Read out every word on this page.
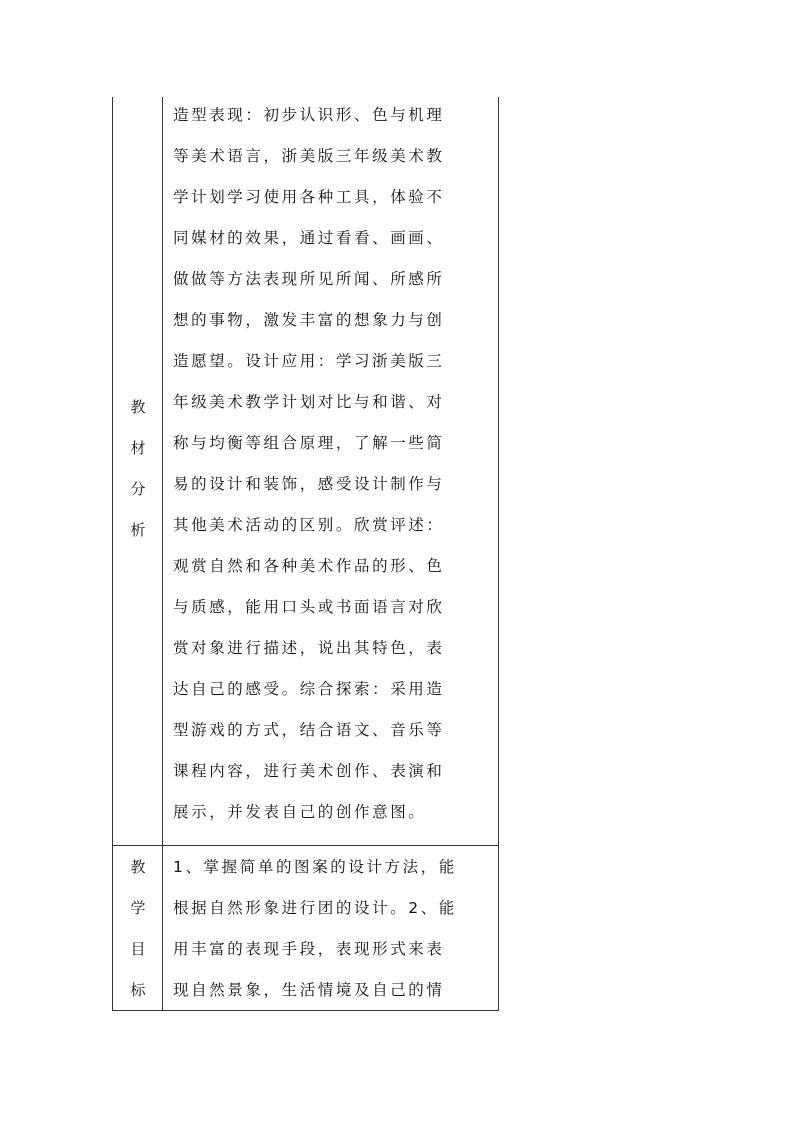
教
材
分
析
造型表现：初步认识形、色与机理
等美术语言，浙美版三年级美术教
学计划学习使用各种工具，体验不
同媒材的效果，通过看看、画画、
做做等方法表现所见所闻、所感所
想的事物，激发丰富的想象力与创
造愿望。设计应用：学习浙美版三
年级美术教学计划对比与和谐、对
称与均衡等组合原理，了解一些简
易的设计和装饰，感受设计制作与
其他美术活动的区别。欣赏评述：
观赏自然和各种美术作品的形、色
与质感，能用口头或书面语言对欣
赏对象进行描述，说出其特色，表
达自己的感受。综合探索：采用造
型游戏的方式，结合语文、音乐等
课程内容，进行美术创作、表演和
展示，并发表自己的创作意图。
教
学
目
标
1、掌握简单的图案的设计方法，能
根据自然形象进行团的设计。2、能
用丰富的表现手段，表现形式来表
现自然景象，生活情境及自己的情
